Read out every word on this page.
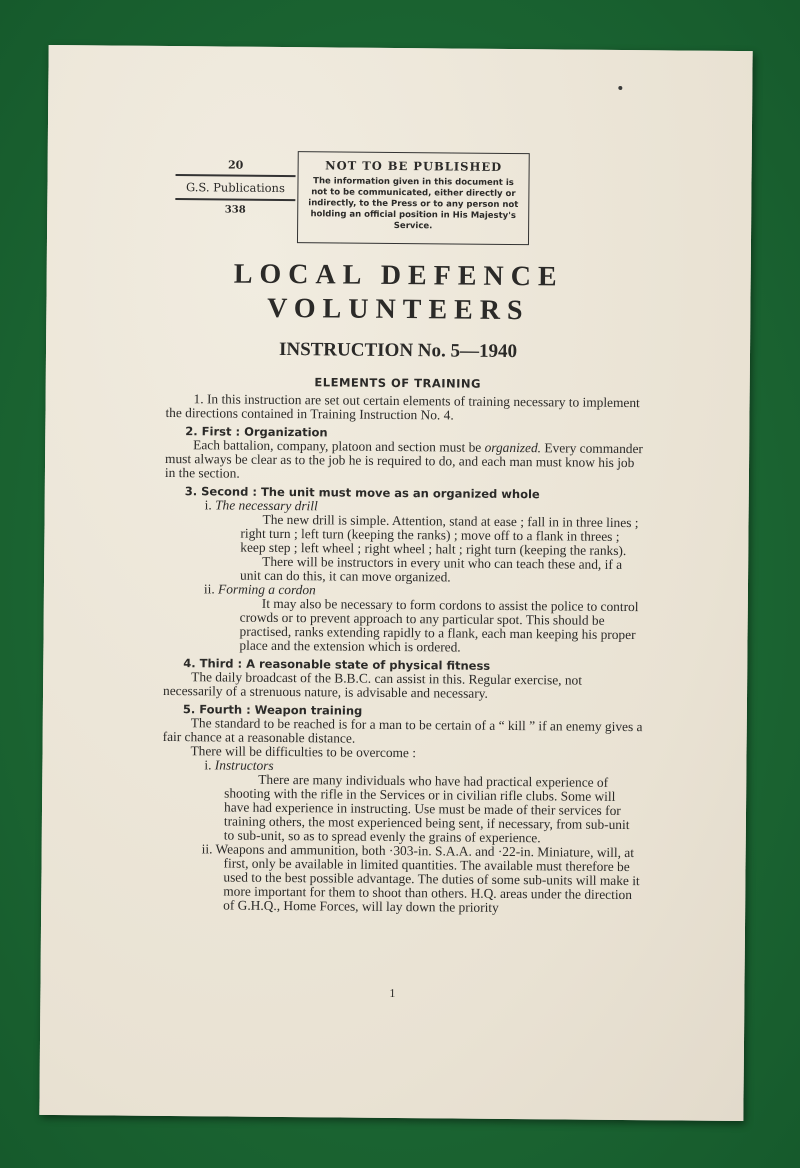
20
G.S. Publications
338
NOT TO BE PUBLISHED
The information given in this document is not to be communicated, either directly or indirectly, to the Press or to any person not holding an official position in His Majesty's Service.
LOCAL DEFENCE
VOLUNTEERS
INSTRUCTION No. 5—1940
ELEMENTS OF TRAINING

1. In this instruction are set out certain elements of training necessary to implement the directions contained in Training Instruction No. 4.

2. First : Organization

Each battalion, company, platoon and section must be organized. Every commander must always be clear as to the job he is required to do, and each man must know his job in the section.

3. Second : The unit must move as an organized whole

i. The necessary drill

The new drill is simple. Attention, stand at ease ; fall in in three lines ; right turn ; left turn (keeping the ranks) ; move off to a flank in threes ; keep step ; left wheel ; right wheel ; halt ; right turn (keeping the ranks).

There will be instructors in every unit who can teach these and, if a unit can do this, it can move organized.

ii. Forming a cordon

It may also be necessary to form cordons to assist the police to control crowds or to prevent approach to any particular spot. This should be practised, ranks extending rapidly to a flank, each man keeping his proper place and the extension which is ordered.

4. Third : A reasonable state of physical fitness

The daily broadcast of the B.B.C. can assist in this. Regular exercise, not necessarily of a strenuous nature, is advisable and necessary.

5. Fourth : Weapon training

The standard to be reached is for a man to be certain of a “ kill ” if an enemy gives a fair chance at a reasonable distance.

There will be difficulties to be overcome :

i. Instructors

There are many individuals who have had practical experience of shooting with the rifle in the Services or in civilian rifle clubs. Some will have had experience in instructing. Use must be made of their services for training others, the most experienced being sent, if necessary, from sub-unit to sub-unit, so as to spread evenly the grains of experience.

ii. Weapons and ammunition, both ·303-in. S.A.A. and ·22-in. Miniature, will, at first, only be available in limited quantities. The available must therefore be used to the best possible advantage. The duties of some sub-units will make it more important for them to shoot than others. H.Q. areas under the direction of G.H.Q., Home Forces, will lay down the priority

1
